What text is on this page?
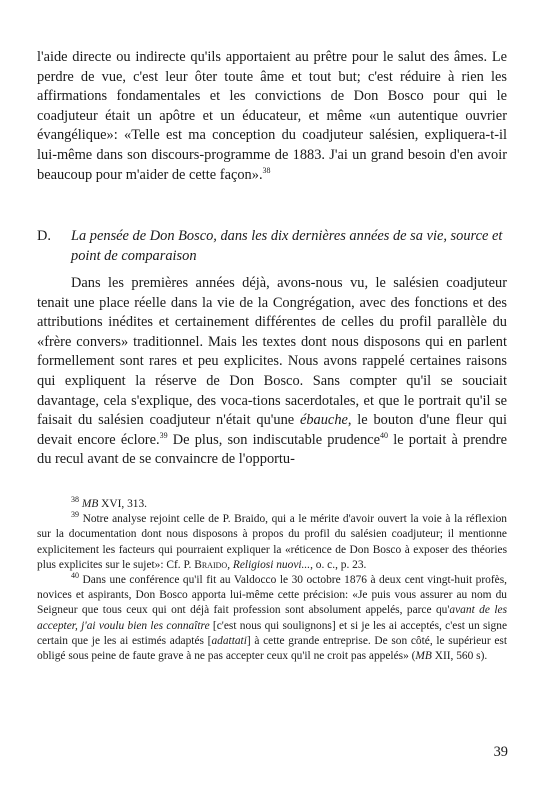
l'aide directe ou indirecte qu'ils apportaient au prêtre pour le salut des âmes. Le perdre de vue, c'est leur ôter toute âme et tout but; c'est réduire à rien les affirmations fondamentales et les convictions de Don Bosco pour qui le coadjuteur était un apôtre et un éducateur, et même «un autentique ouvrier évangélique»: «Telle est ma conception du coadjuteur salésien, expliquera-t-il lui-même dans son discours-programme de 1883. J'ai un grand besoin d'en avoir beaucoup pour m'aider de cette façon».$^{38}$

D. La pensée de Don Bosco, dans les dix dernières années de sa vie, source et point de comparaison

Dans les premières années déjà, avons-nous vu, le salésien coadjuteur tenait une place réelle dans la vie de la Congrégation, avec des fonctions et des attributions inédites et certainement différentes de celles du profil parallèle du «frère convers» traditionnel. Mais les textes dont nous disposons qui en parlent formellement sont rares et peu explicites. Nous avons rappelé certaines raisons qui expliquent la réserve de Don Bosco. Sans compter qu'il se souciait davantage, cela s'explique, des voca-tions sacerdotales, et que le portrait qu'il se faisait du salésien coadjuteur n'était qu'une ébauche, le bouton d'une fleur qui devait encore éclore.$^{39}$ De plus, son indiscutable prudence$^{40}$ le portait à prendre du recul avant de se convaincre de l'opportu-

$^{38}$ MB XVI, 313.

$^{39}$ Notre analyse rejoint celle de P. Braido, qui a le mérite d'avoir ouvert la voie à la réflexion sur la documentation dont nous disposons à propos du profil du salésien coadjuteur; il mentionne explicitement les facteurs qui pourraient expliquer la «réticence de Don Bosco à exposer des théories plus explicites sur le sujet»: Cf. P. Braido, Religiosi nuovi..., o. c., p. 23.

$^{40}$ Dans une conférence qu'il fit au Valdocco le 30 octobre 1876 à deux cent vingt-huit profès, novices et aspirants, Don Bosco apporta lui-même cette précision: «Je puis vous assurer au nom du Seigneur que tous ceux qui ont déjà fait profession sont absolument appelés, parce qu'avant de les accepter, j'ai voulu bien les connaître [c'est nous qui soulignons] et si je les ai acceptés, c'est un signe certain que je les ai estimés adaptés [adattati] à cette grande entreprise. De son côté, le supérieur est obligé sous peine de faute grave à ne pas accepter ceux qu'il ne croit pas appelés» (MB XII, 560 s).

39
